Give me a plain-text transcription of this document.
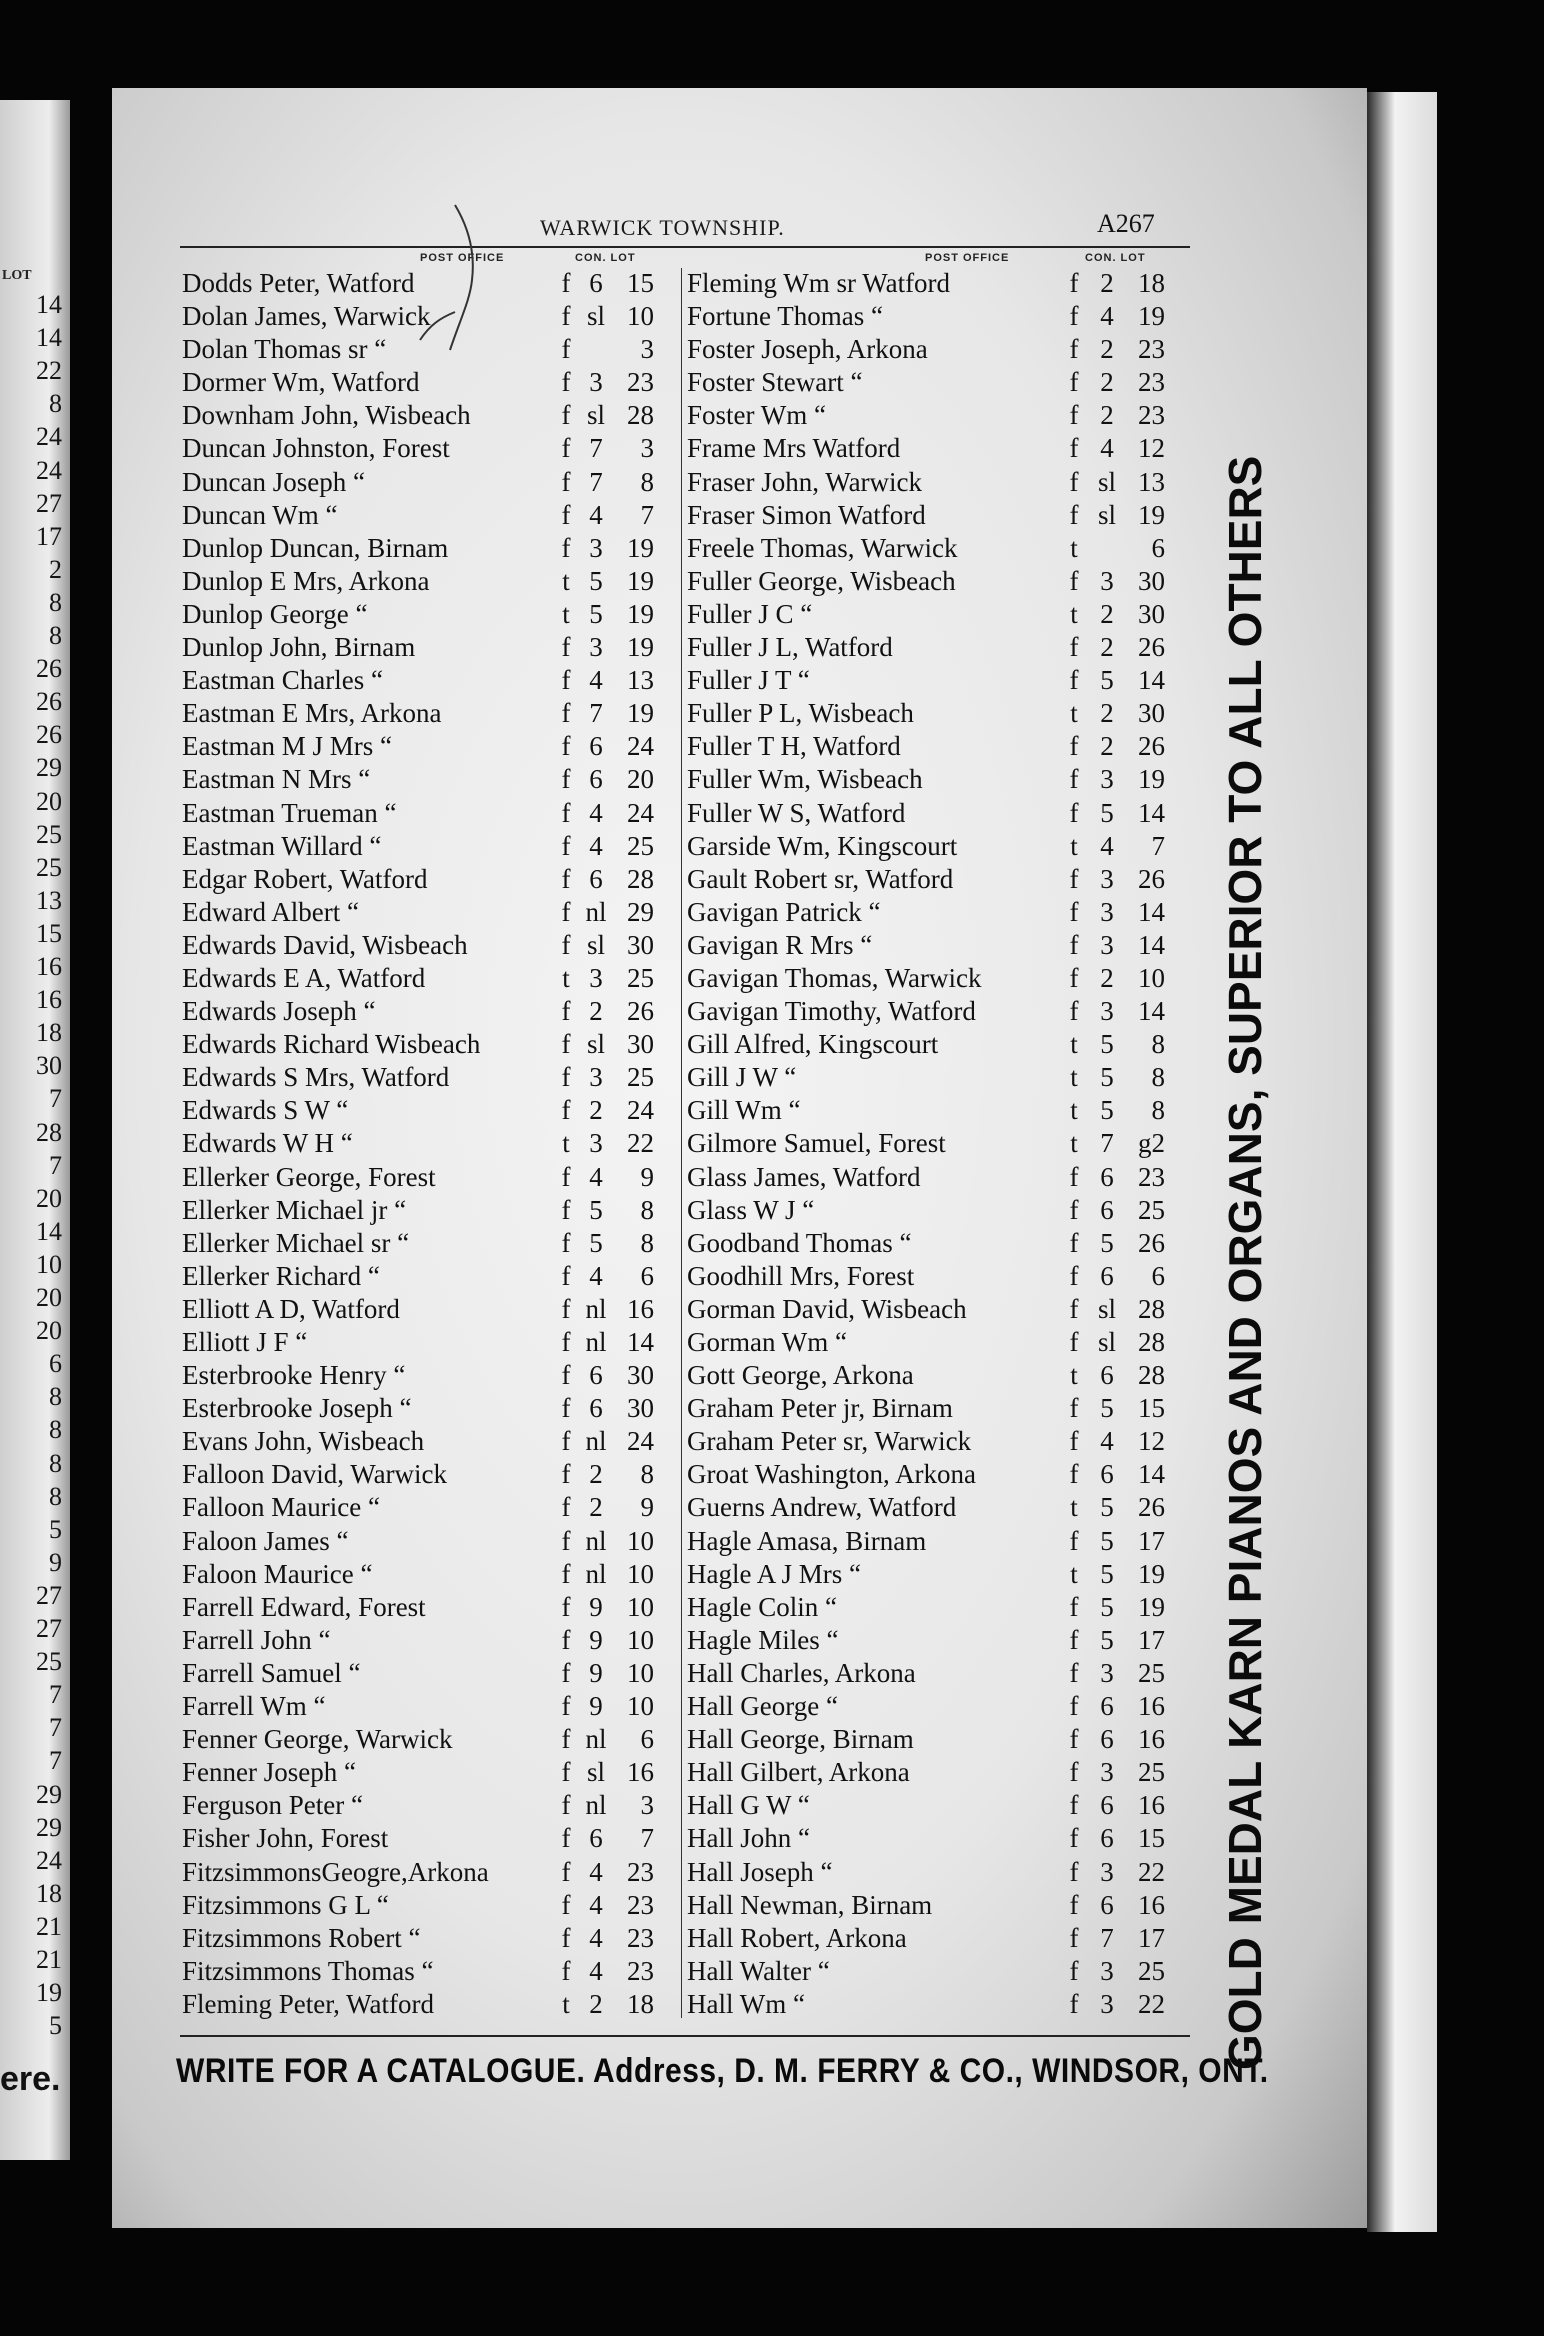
LOT
14
14
22
8
24
24
27
17
2
8
8
26
26
26
29
20
25
25
13
15
16
16
18
30
7
28
7
20
14
10
20
20
6
8
8
8
8
5
9
27
27
25
7
7
7
29
29
24
18
21
21
19
5
ere.
WARWICK TOWNSHIP.	A267
POST OFFICE	CON. LOT	POST OFFICE	CON. LOT
Dodds Peter, Watford	f 6 15
Dolan James, Warwick	f sl 10
Dolan Thomas sr “	f	3
Dormer Wm, Watford	f 3 23
Downham John, Wisbeach	f sl 28
Duncan Johnston, Forest	f 7	3
Duncan Joseph “	f 7	8
Duncan Wm “	f 4	7
Dunlop Duncan, Birnam	f 3 19
Dunlop E Mrs, Arkona	t 5 19
Dunlop George “	t 5 19
Dunlop John, Birnam	f 3 19
Eastman Charles “	f 4 13
Eastman E Mrs, Arkona	f 7 19
Eastman M J Mrs “	f 6 24
Eastman N Mrs “	f 6 20
Eastman Trueman “	f 4 24
Eastman Willard “	f 4 25
Edgar Robert, Watford	f 6 28
Edward Albert “	f nl 29
Edwards David, Wisbeach	f sl 30
Edwards E A, Watford	t 3 25
Edwards Joseph “	f 2 26
Edwards Richard Wisbeach	f sl 30
Edwards S Mrs, Watford	f 3 25
Edwards S W “	f 2 24
Edwards W H “	t 3 22
Ellerker George, Forest	f 4	9
Ellerker Michael jr “	f 5	8
Ellerker Michael sr “	f 5	8
Ellerker Richard “	f 4	6
Elliott A D, Watford	f nl 16
Elliott J F “	f nl 14
Esterbrooke Henry “	f 6 30
Esterbrooke Joseph “	f 6 30
Evans John, Wisbeach	f nl 24
Falloon David, Warwick	f 2	8
Falloon Maurice “	f 2	9
Faloon James “	f nl 10
Faloon Maurice “	f nl 10
Farrell Edward, Forest	f 9 10
Farrell John “	f 9 10
Farrell Samuel “	f 9 10
Farrell Wm “	f 9 10
Fenner George, Warwick	f nl	6
Fenner Joseph “	f sl 16
Ferguson Peter “	f nl	3
Fisher John, Forest	f 6	7
FitzsimmonsGeogre,Arkona	f 4 23
Fitzsimmons G L “	f 4 23
Fitzsimmons Robert “	f 4 23
Fitzsimmons Thomas “	f 4 23
Fleming Peter, Watford	t 2 18
Fleming Wm sr Watford	f 2 18
Fortune Thomas “	f 4 19
Foster Joseph, Arkona	f 2 23
Foster Stewart “	f 2 23
Foster Wm “	f 2 23
Frame Mrs Watford	f 4 12
Fraser John, Warwick	f sl 13
Fraser Simon Watford	f sl 19
Freele Thomas, Warwick	t	6
Fuller George, Wisbeach	f 3 30
Fuller J C “	t 2 30
Fuller J L, Watford	f 2 26
Fuller J T “	f 5 14
Fuller P L, Wisbeach	t 2 30
Fuller T H, Watford	f 2 26
Fuller Wm, Wisbeach	f 3 19
Fuller W S, Watford	f 5 14
Garside Wm, Kingscourt	t 4	7
Gault Robert sr, Watford	f 3 26
Gavigan Patrick “	f 3 14
Gavigan R Mrs “	f 3 14
Gavigan Thomas, Warwick	f 2 10
Gavigan Timothy, Watford	f 3 14
Gill Alfred, Kingscourt	t 5	8
Gill J W “	t 5	8
Gill Wm “	t 5	8
Gilmore Samuel, Forest	t 7 g2
Glass James, Watford	f 6 23
Glass W J “	f 6 25
Goodband Thomas “	f 5 26
Goodhill Mrs, Forest	f 6	6
Gorman David, Wisbeach	f sl 28
Gorman Wm “	f sl 28
Gott George, Arkona	t 6 28
Graham Peter jr, Birnam	f 5 15
Graham Peter sr, Warwick	f 4 12
Groat Washington, Arkona	f 6 14
Guerns Andrew, Watford	t 5 26
Hagle Amasa, Birnam	f 5 17
Hagle A J Mrs “	t 5 19
Hagle Colin “	f 5 19
Hagle Miles “	f 5 17
Hall Charles, Arkona	f 3 25
Hall George “	f 6 16
Hall George, Birnam	f 6 16
Hall Gilbert, Arkona	f 3 25
Hall G W “	f 6 16
Hall John “	f 6 15
Hall Joseph “	f 3 22
Hall Newman, Birnam	f 6 16
Hall Robert, Arkona	f 7 17
Hall Walter “	f 3 25
Hall Wm “	f 3 22
WRITE FOR A CATALOGUE. Address, D. M. FERRY & CO., WINDSOR, ONT.
GOLD MEDAL KARN PIANOS AND ORGANS, SUPERIOR TO ALL OTHERS
